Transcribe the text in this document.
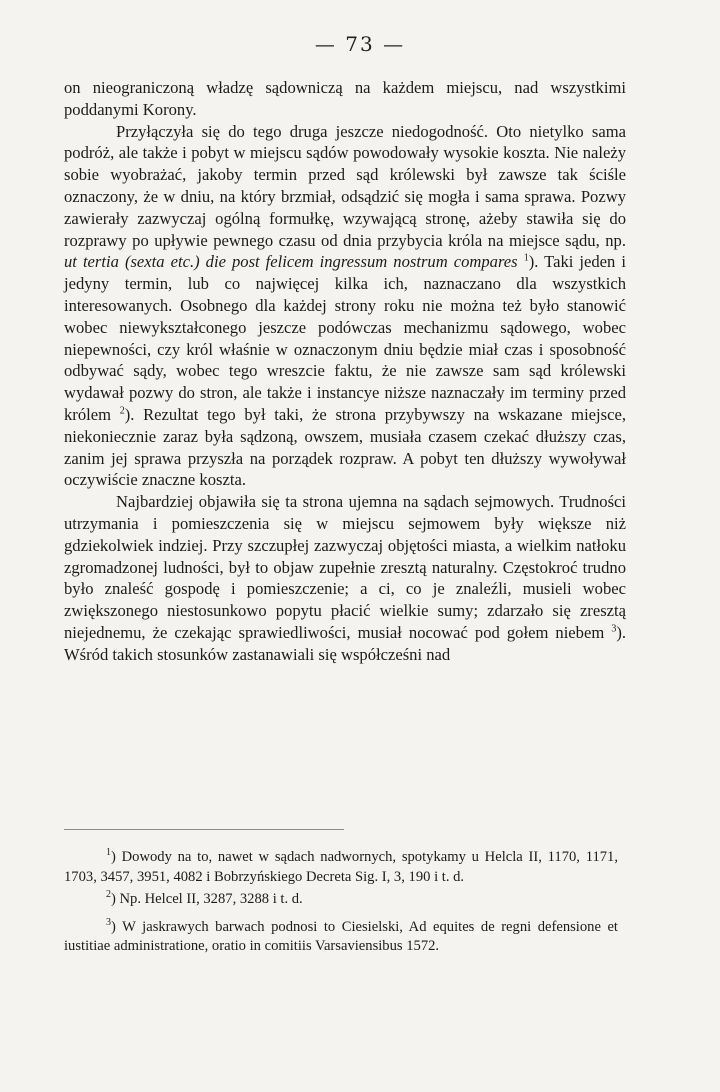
— 73 —

on nieograniczoną władzę sądowniczą na każdem miejscu, nad wszystkimi poddanymi Korony.

Przyłączyła się do tego druga jeszcze niedogodność. Oto nietylko sama podróż, ale także i pobyt w miejscu sądów powodowały wysokie koszta. Nie należy sobie wyobrażać, jakoby termin przed sąd królewski był zawsze tak ściśle oznaczony, że w dniu, na który brzmiał, odsądzić się mogła i sama sprawa. Pozwy zawierały zazwyczaj ogólną formułkę, wzywającą stronę, ażeby stawiła się do rozprawy po upływie pewnego czasu od dnia przybycia króla na miejsce sądu, np. ut tertia (sexta etc.) die post felicem ingressum nostrum compares $^1$). Taki jeden i jedyny termin, lub co najwięcej kilka ich, naznaczano dla wszystkich interesowanych. Osobnego dla każdej strony roku nie można też było stanowić wobec niewykształconego jeszcze podówczas mechanizmu sądowego, wobec niepewności, czy król właśnie w oznaczonym dniu będzie miał czas i sposobność odbywać sądy, wobec tego wreszcie faktu, że nie zawsze sam sąd królewski wydawał pozwy do stron, ale także i instancye niższe naznaczały im terminy przed królem $^2$). Rezultat tego był taki, że strona przybywszy na wskazane miejsce, niekoniecznie zaraz była sądzoną, owszem, musiała czasem czekać dłuższy czas, zanim jej sprawa przyszła na porządek rozpraw. A pobyt ten dłuższy wywoływał oczywiście znaczne koszta.

Najbardziej objawiła się ta strona ujemna na sądach sejmowych. Trudności utrzymania i pomieszczenia się w miejscu sejmowem były większe niż gdziekolwiek indziej. Przy szczupłej zazwyczaj objętości miasta, a wielkim natłoku zgromadzonej ludności, był to objaw zupełnie zresztą naturalny. Częstokroć trudno było znaleść gospodę i pomieszczenie; a ci, co je znaleźli, musieli wobec zwiększonego niestosunkowo popytu płacić wielkie sumy; zdarzało się zresztą niejednemu, że czekając sprawiedliwości, musiał nocować pod gołem niebem $^3$). Wśród takich stosunków zastanawiali się współcześni nad

$^1$) Dowody na to, nawet w sądach nadwornych, spotykamy u Helcla II, 1170, 1171, 1703, 3457, 3951, 4082 i Bobrzyńskiego Decreta Sig. I, 3, 190 i t. d.

$^2$) Np. Helcel II, 3287, 3288 i t. d.

$^3$) W jaskrawych barwach podnosi to Ciesielski, Ad equites de regni defensione et iustitiae administratione, oratio in comitiis Varsaviensibus 1572.
